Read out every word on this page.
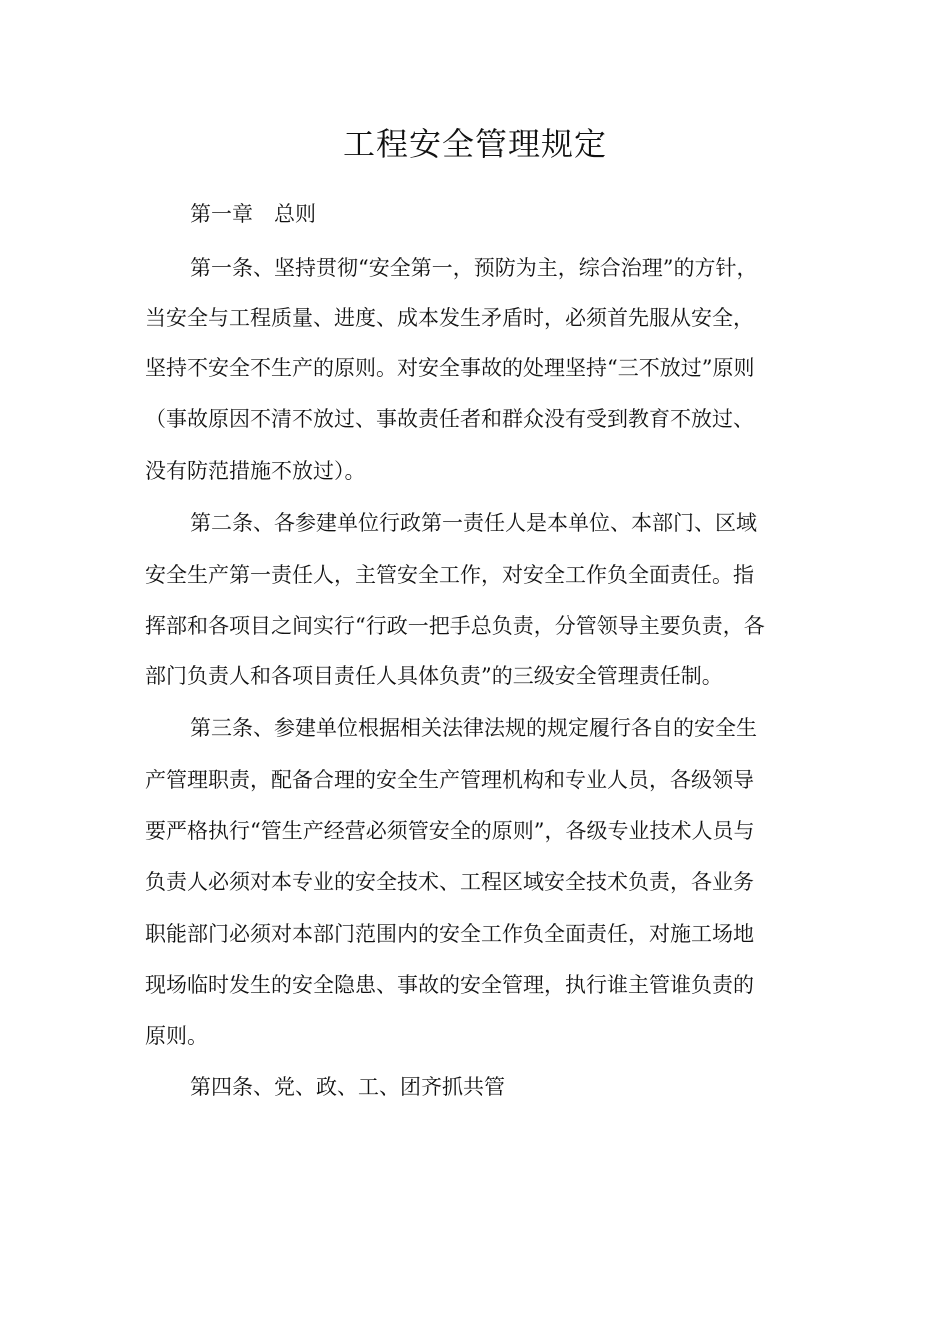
工程安全管理规定
第一章　总则
第一条、坚持贯彻“安全第一，预防为主，综合治理”的方针，
当安全与工程质量、进度、成本发生矛盾时，必须首先服从安全，
坚持不安全不生产的原则。对安全事故的处理坚持“三不放过”原则
（事故原因不清不放过、事故责任者和群众没有受到教育不放过、
没有防范措施不放过）。
第二条、各参建单位行政第一责任人是本单位、本部门、区域
安全生产第一责任人，主管安全工作，对安全工作负全面责任。指
挥部和各项目之间实行“行政一把手总负责，分管领导主要负责，各
部门负责人和各项目责任人具体负责”的三级安全管理责任制。
第三条、参建单位根据相关法律法规的规定履行各自的安全生
产管理职责，配备合理的安全生产管理机构和专业人员，各级领导
要严格执行“管生产经营必须管安全的原则”，各级专业技术人员与
负责人必须对本专业的安全技术、工程区域安全技术负责，各业务
职能部门必须对本部门范围内的安全工作负全面责任，对施工场地
现场临时发生的安全隐患、事故的安全管理，执行谁主管谁负责的
原则。
第四条、党、政、工、团齐抓共管
